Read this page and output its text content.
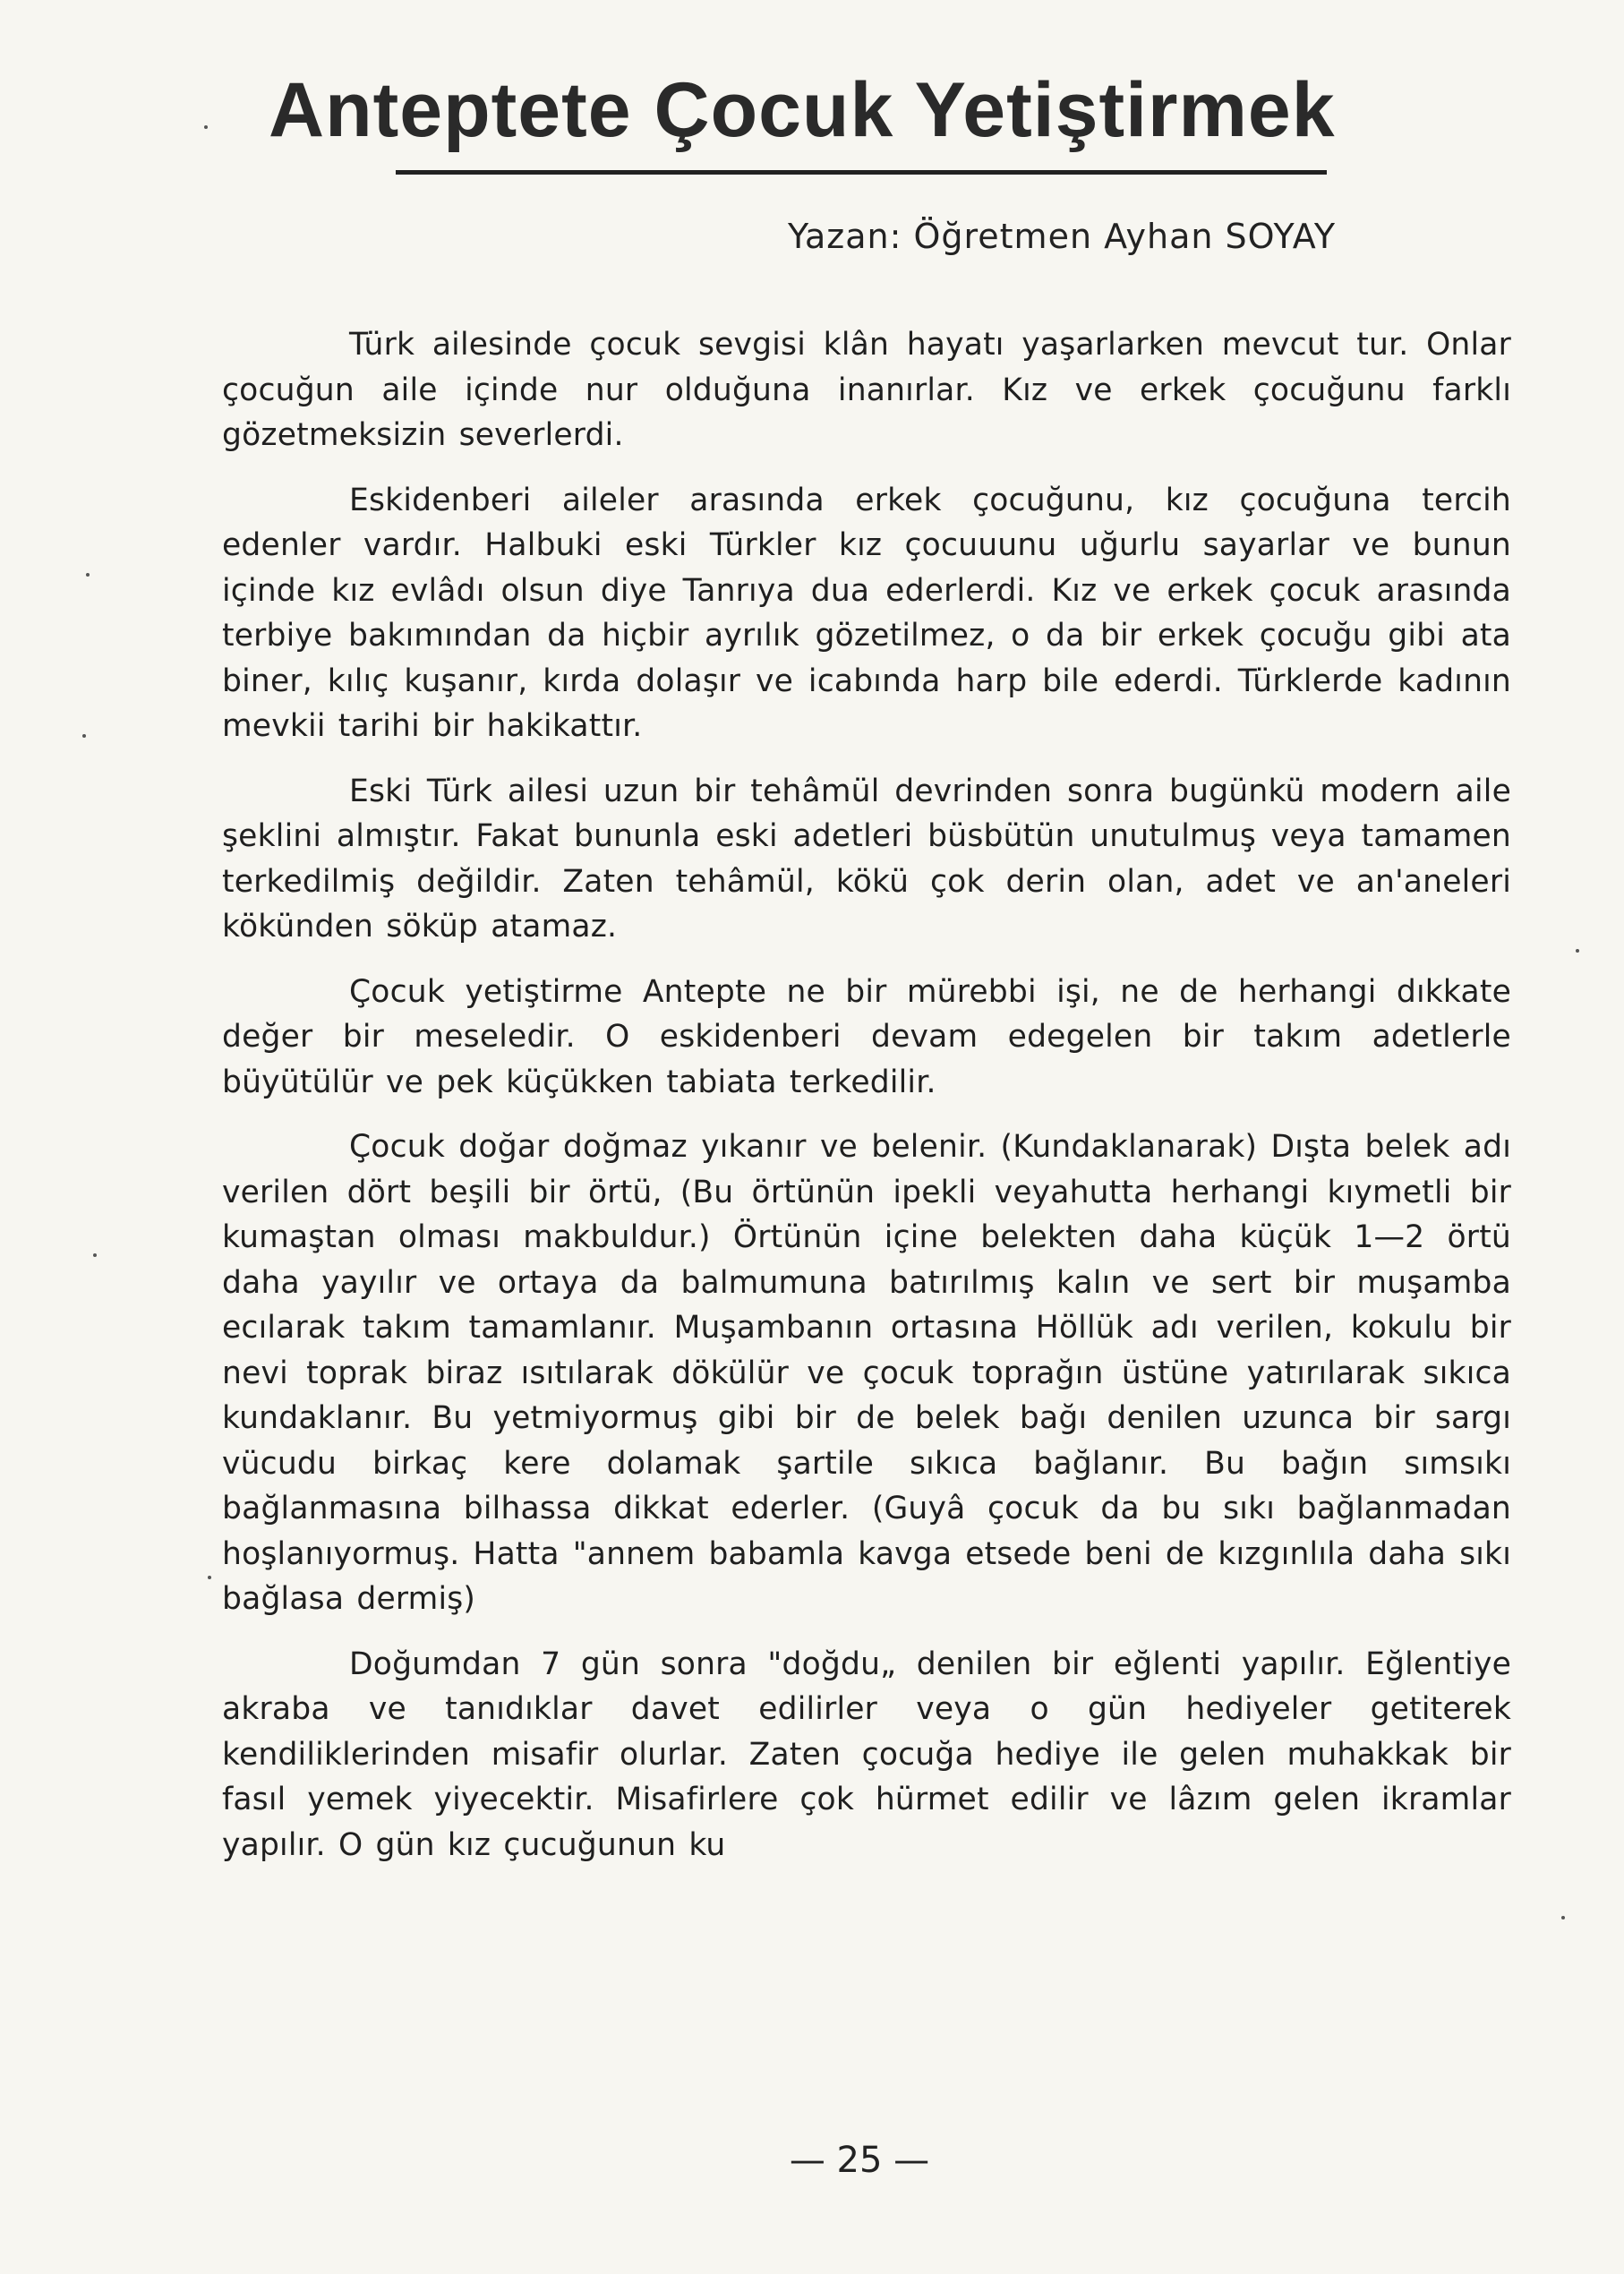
Anteptete Çocuk Yetiştirmek
Yazan: Öğretmen Ayhan SOYAY

Türk ailesinde çocuk sevgisi klân hayatı yaşarlarken mevcut tur. Onlar çocuğun aile içinde nur olduğuna inanırlar. Kız ve erkek çocuğunu farklı gözetmeksizin severlerdi.

Eskidenberi aileler arasında erkek çocuğunu, kız çocuğuna tercih edenler vardır. Halbuki eski Türkler kız çocuuunu uğurlu sayarlar ve bunun içinde kız evlâdı olsun diye Tanrıya dua ederlerdi. Kız ve erkek çocuk arasında terbiye bakımından da hiçbir ayrılık gözetilmez, o da bir erkek çocuğu gibi ata biner, kılıç kuşanır, kırda dolaşır ve icabında harp bile ederdi. Türklerde kadının mevkii tarihi bir hakikattır.

Eski Türk ailesi uzun bir tehâmül devrinden sonra bugünkü modern aile şeklini almıştır. Fakat bununla eski adetleri büsbütün unutulmuş veya tamamen terkedilmiş değildir. Zaten tehâmül, kökü çok derin olan, adet ve an'aneleri kökünden söküp atamaz.

Çocuk yetiştirme Antepte ne bir mürebbi işi, ne de herhangi dıkkate değer bir meseledir. O eskidenberi devam edegelen bir takım adetlerle büyütülür ve pek küçükken tabiata terkedilir.

Çocuk doğar doğmaz yıkanır ve belenir. (Kundaklanarak) Dışta belek adı verilen dört beşili bir örtü, (Bu örtünün ipekli veyahutta herhangi kıymetli bir kumaştan olması makbuldur.) Örtünün içine belekten daha küçük 1—2 örtü daha yayılır ve ortaya da balmumuna batırılmış kalın ve sert bir muşamba ecılarak takım tamamlanır. Muşambanın ortasına Höllük adı verilen, kokulu bir nevi toprak biraz ısıtılarak dökülür ve çocuk toprağın üstüne yatırılarak sıkıca kundaklanır. Bu yetmiyormuş gibi bir de belek bağı denilen uzunca bir sargı vücudu birkaç kere dolamak şartile sıkıca bağlanır. Bu bağın sımsıkı bağlanmasına bilhassa dikkat ederler. (Guyâ çocuk da bu sıkı bağlanmadan hoşlanıyormuş. Hatta "annem babamla kavga etsede beni de kızgınlıla daha sıkı bağlasa dermiş)

Doğumdan 7 gün sonra "doğdu„ denilen bir eğlenti yapılır. Eğlentiye akraba ve tanıdıklar davet edilirler veya o gün hediyeler getiterek kendiliklerinden misafir olurlar. Zaten çocuğa hediye ile gelen muhakkak bir fasıl yemek yiyecektir. Misafirlere çok hürmet edilir ve lâzım gelen ikramlar yapılır. O gün kız çucuğunun ku

— 25 —
